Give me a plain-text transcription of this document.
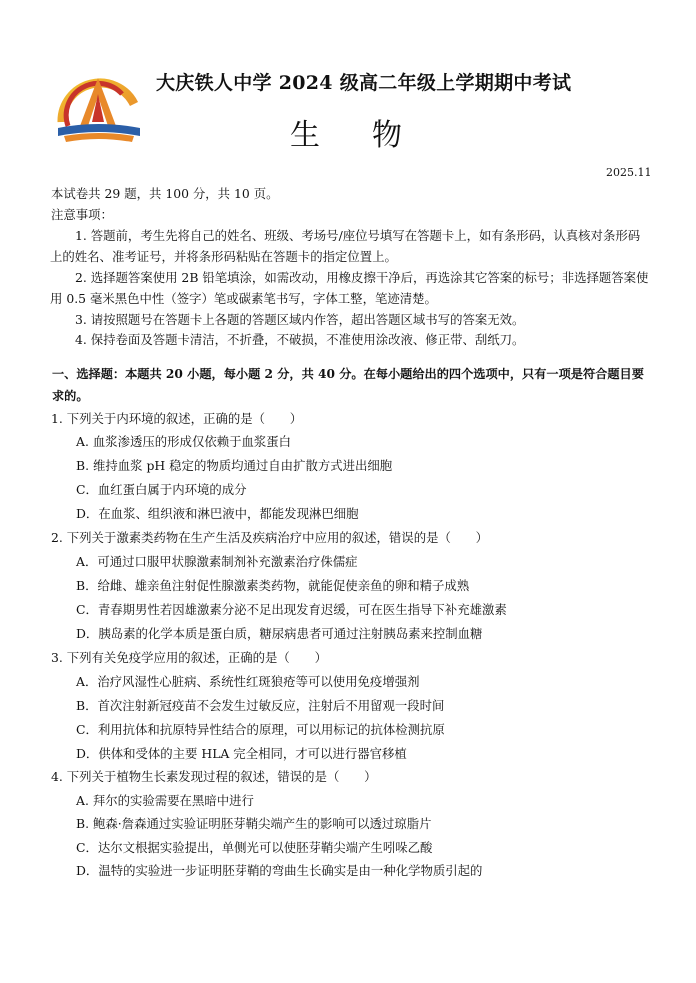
大庆铁人中学 2024 级高二年级上学期期中考试
生物
2025.11
本试卷共 29 题，共 100 分，共 10 页。
注意事项：
1. 答题前，考生先将自己的姓名、班级、考场号/座位号填写在答题卡上，如有条形码，认真核对条形码上的姓名、准考证号，并将条形码粘贴在答题卡的指定位置上。
2. 选择题答案使用 2B 铅笔填涂，如需改动，用橡皮擦干净后，再选涂其它答案的标号；非选择题答案使用 0.5 毫米黑色中性（签字）笔或碳素笔书写，字体工整，笔迹清楚。
3. 请按照题号在答题卡上各题的答题区域内作答，超出答题区域书写的答案无效。
4. 保持卷面及答题卡清洁，不折叠，不破损，不准使用涂改液、修正带、刮纸刀。
一、选择题：本题共 20 小题，每小题 2 分，共 40 分。在每小题给出的四个选项中，只有一项是符合题目要求的。
1. 下列关于内环境的叙述，正确的是（　　）
A. 血浆渗透压的形成仅依赖于血浆蛋白
B. 维持血浆 pH 稳定的物质均通过自由扩散方式进出细胞
C．血红蛋白属于内环境的成分
D．在血浆、组织液和淋巴液中，都能发现淋巴细胞
2. 下列关于激素类药物在生产生活及疾病治疗中应用的叙述，错误的是（　　）
A．可通过口服甲状腺激素制剂补充激素治疗侏儒症
B．给雌、雄亲鱼注射促性腺激素类药物，就能促使亲鱼的卵和精子成熟
C．青春期男性若因雄激素分泌不足出现发育迟缓，可在医生指导下补充雄激素
D．胰岛素的化学本质是蛋白质，糖尿病患者可通过注射胰岛素来控制血糖
3. 下列有关免疫学应用的叙述，正确的是（　　）
A．治疗风湿性心脏病、系统性红斑狼疮等可以使用免疫增强剂
B．首次注射新冠疫苗不会发生过敏反应，注射后不用留观一段时间
C．利用抗体和抗原特异性结合的原理，可以用标记的抗体检测抗原
D．供体和受体的主要 HLA 完全相同，才可以进行器官移植
4. 下列关于植物生长素发现过程的叙述，错误的是（　　）
A. 拜尔的实验需要在黑暗中进行
B. 鲍森·詹森通过实验证明胚芽鞘尖端产生的影响可以透过琼脂片
C．达尔文根据实验提出，单侧光可以使胚芽鞘尖端产生吲哚乙酸
D．温特的实验进一步证明胚芽鞘的弯曲生长确实是由一种化学物质引起的
